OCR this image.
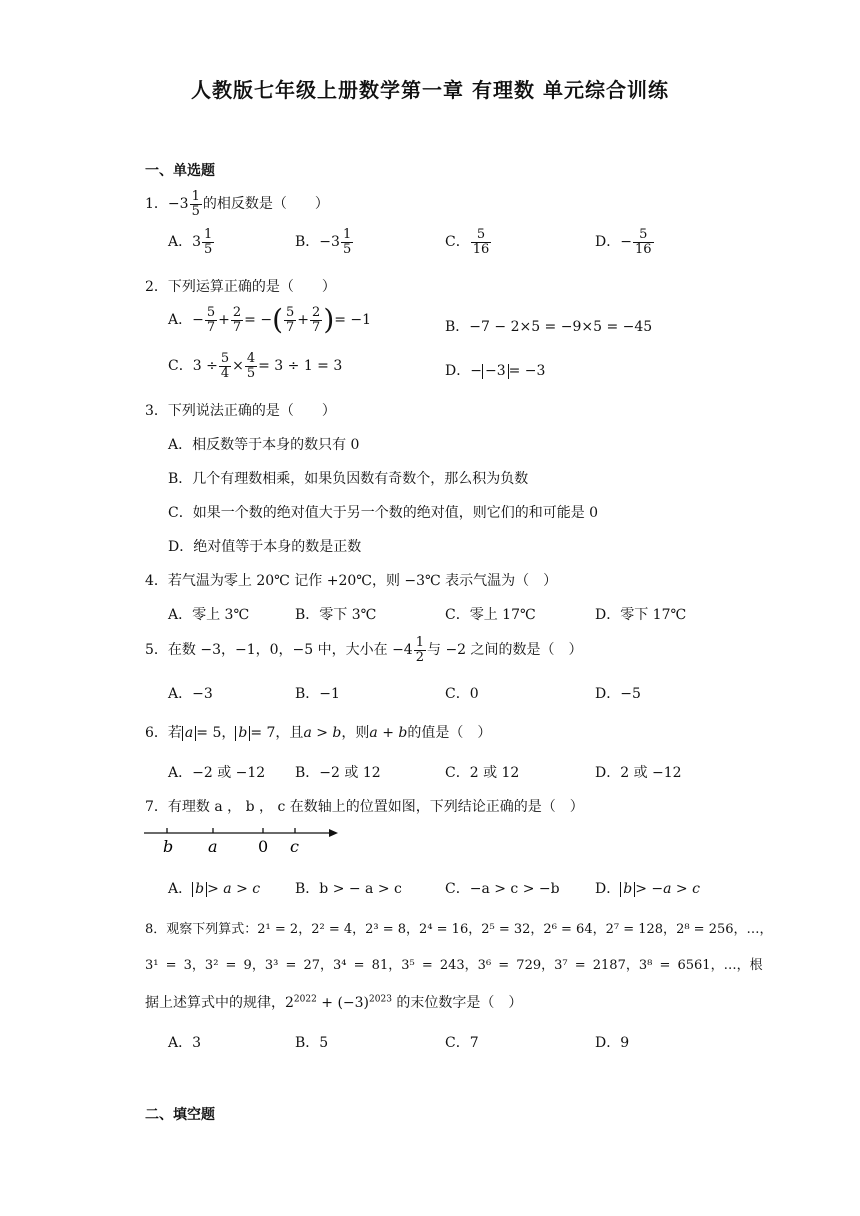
人教版七年级上册数学第一章 有理数 单元综合训练
一、单选题
1．$-3 \frac{1}{5}$ 的相反数是（　　）
A．$3 \frac{1}{5}$	B．$-3 \frac{1}{5}$	C． $\frac{5}{16}$	D．− $\frac{5}{16}$
2．下列运算正确的是（　　）
A．− $\frac{5}{7} + \frac{2}{7}$ = −( $\frac{5}{7} + \frac{2}{7}$ )= −1	B．−7 − 2×5 = −9×5 = −45
C．$3 \div \frac{5}{4} \times \frac{4}{5} = 3 \div 1 = 3$	D．− −3 = −3
3．下列说法正确的是（　　）
A．相反数等于本身的数只有 0
B．几个有理数相乘，如果负因数有奇数个，那么积为负数
C．如果一个数的绝对值大于另一个数的绝对值，则它们的和可能是 0
D．绝对值等于本身的数是正数
4．若气温为零上 20℃ 记作 +20℃，则 −3℃ 表示气温为（　）
A．零上 3℃	B．零下 3℃	C．零上 17℃	D．零下 17℃
5．在数 −3，−1，0，−5 中，大小在 $-4 \frac{1}{2}$ 与 −2 之间的数是（　）
A．−3	B．−1	C．0	D．−5
6．若 a = 5， b = 7，且a > b，则a + b的值是（　）
A．−2 或 −12 B．−2 或 12	C．2 或 12	D．2 或 −12
7．有理数 a ， b ， c 在数轴上的位置如图，下列结论正确的是（　）
b a	0 c
A． b > a > c B．b > − a > c	C．−a > c > −b	D． b > −a > c
8．观察下列算式：2¹ = 2，2² = 4，2³ = 8，2⁴ = 16，2⁵ = 32，2⁶ = 64，2⁷ = 128，2⁸ = 256，…，
3¹ = 3，3² = 9，3³ = 27，3⁴ = 81，3⁵ = 243，3⁶ = 729，3⁷ = 2187，3⁸ = 6561，…，根
据上述算式中的规律，$2^{2022} + (-3)^{2023}$ 的末位数字是（　）
A．3	B．5	C．7	D．9
二、填空题
